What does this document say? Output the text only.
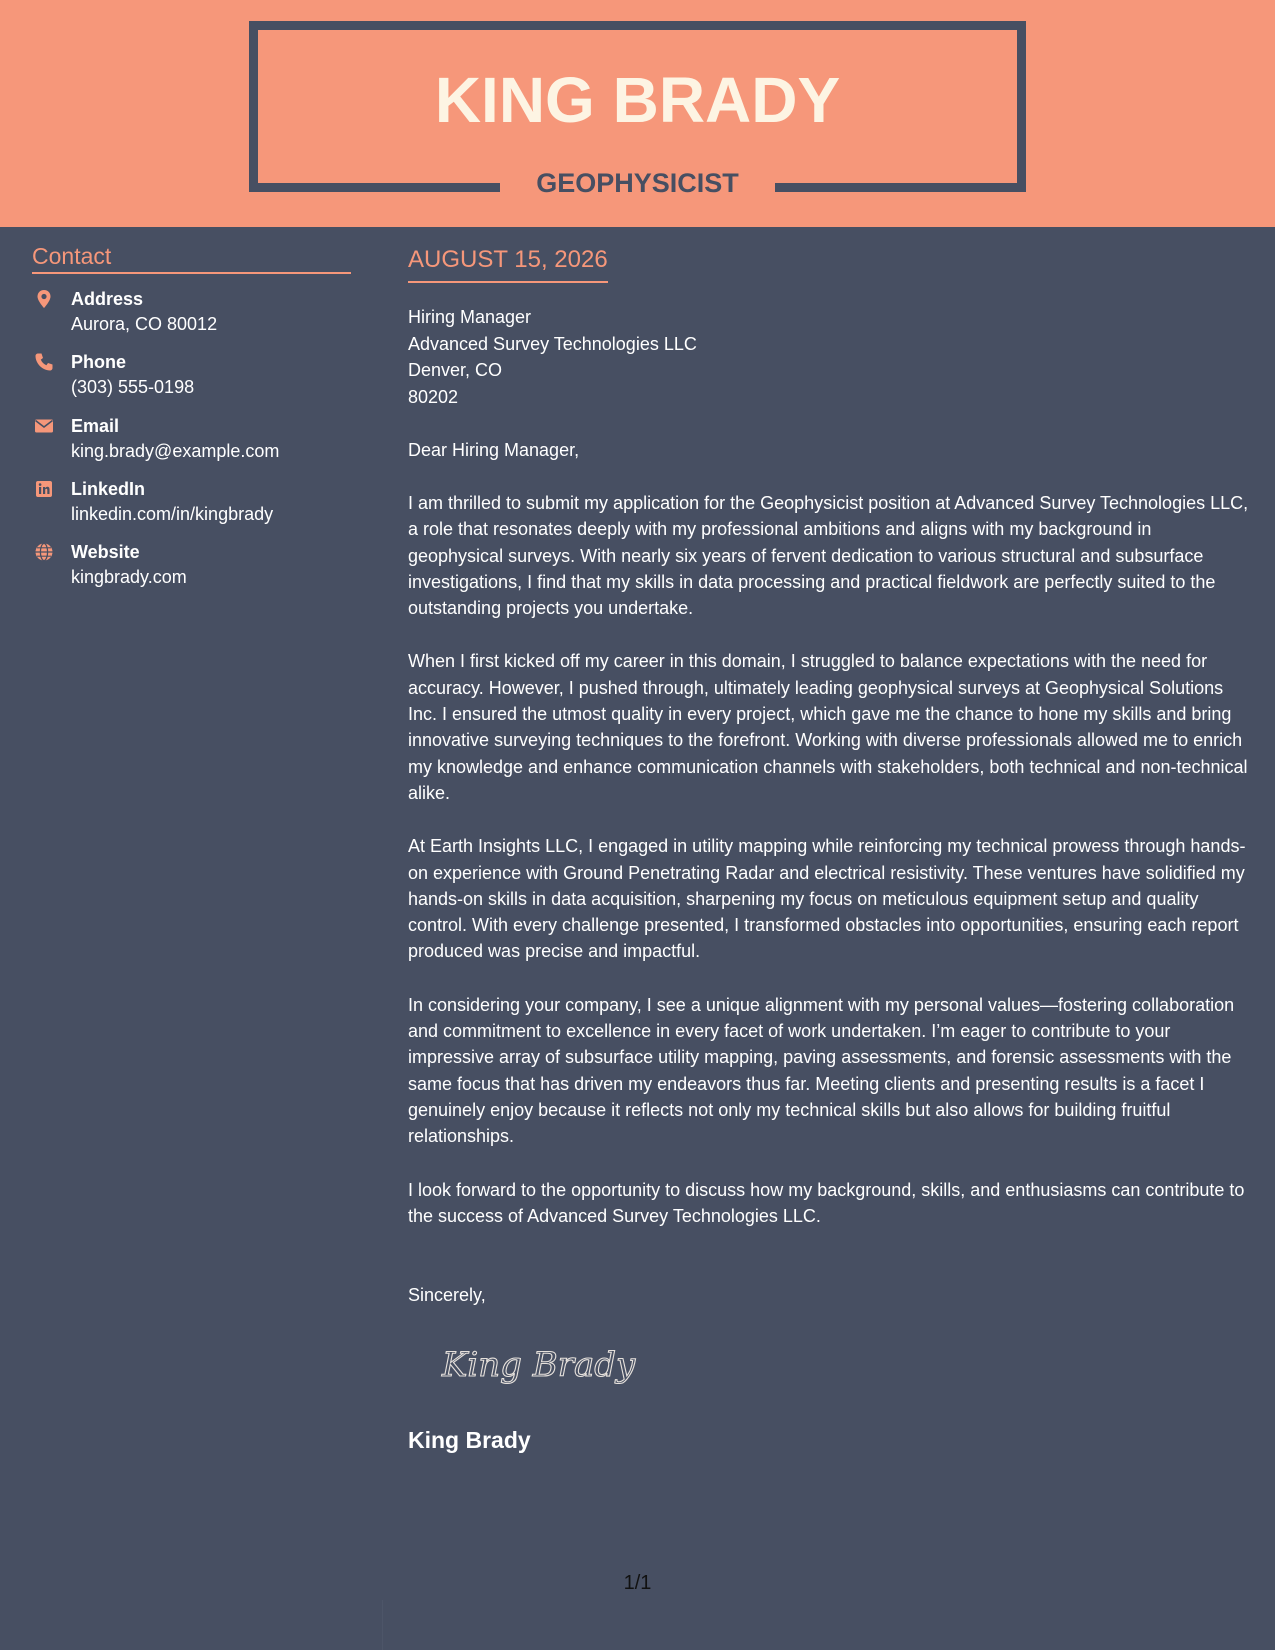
KING BRADY
GEOPHYSICIST
Contact
Address
Aurora, CO 80012
Phone
(303) 555-0198
Email
king.brady@example.com
LinkedIn
linkedin.com/in/kingbrady
Website
kingbrady.com
AUGUST 15, 2026
Hiring Manager
Advanced Survey Technologies LLC
Denver, CO
80202
Dear Hiring Manager,

I am thrilled to submit my application for the Geophysicist position at Advanced Survey Technologies LLC, a role that resonates deeply with my professional ambitions and aligns with my background in geophysical surveys. With nearly six years of fervent dedication to various structural and subsurface investigations, I find that my skills in data processing and practical fieldwork are perfectly suited to the outstanding projects you undertake.

When I first kicked off my career in this domain, I struggled to balance expectations with the need for accuracy. However, I pushed through, ultimately leading geophysical surveys at Geophysical Solutions Inc. I ensured the utmost quality in every project, which gave me the chance to hone my skills and bring innovative surveying techniques to the forefront. Working with diverse professionals allowed me to enrich my knowledge and enhance communication channels with stakeholders, both technical and non-technical alike.

At Earth Insights LLC, I engaged in utility mapping while reinforcing my technical prowess through hands-on experience with Ground Penetrating Radar and electrical resistivity. These ventures have solidified my hands-on skills in data acquisition, sharpening my focus on meticulous equipment setup and quality control. With every challenge presented, I transformed obstacles into opportunities, ensuring each report produced was precise and impactful.

In considering your company, I see a unique alignment with my personal values—fostering collaboration and commitment to excellence in every facet of work undertaken. I’m eager to contribute to your impressive array of subsurface utility mapping, paving assessments, and forensic assessments with the same focus that has driven my endeavors thus far. Meeting clients and presenting results is a facet I genuinely enjoy because it reflects not only my technical skills but also allows for building fruitful relationships.

I look forward to the opportunity to discuss how my background, skills, and enthusiasms can contribute to the success of Advanced Survey Technologies LLC.

Sincerely,
King Brady
King Brady
1/1
